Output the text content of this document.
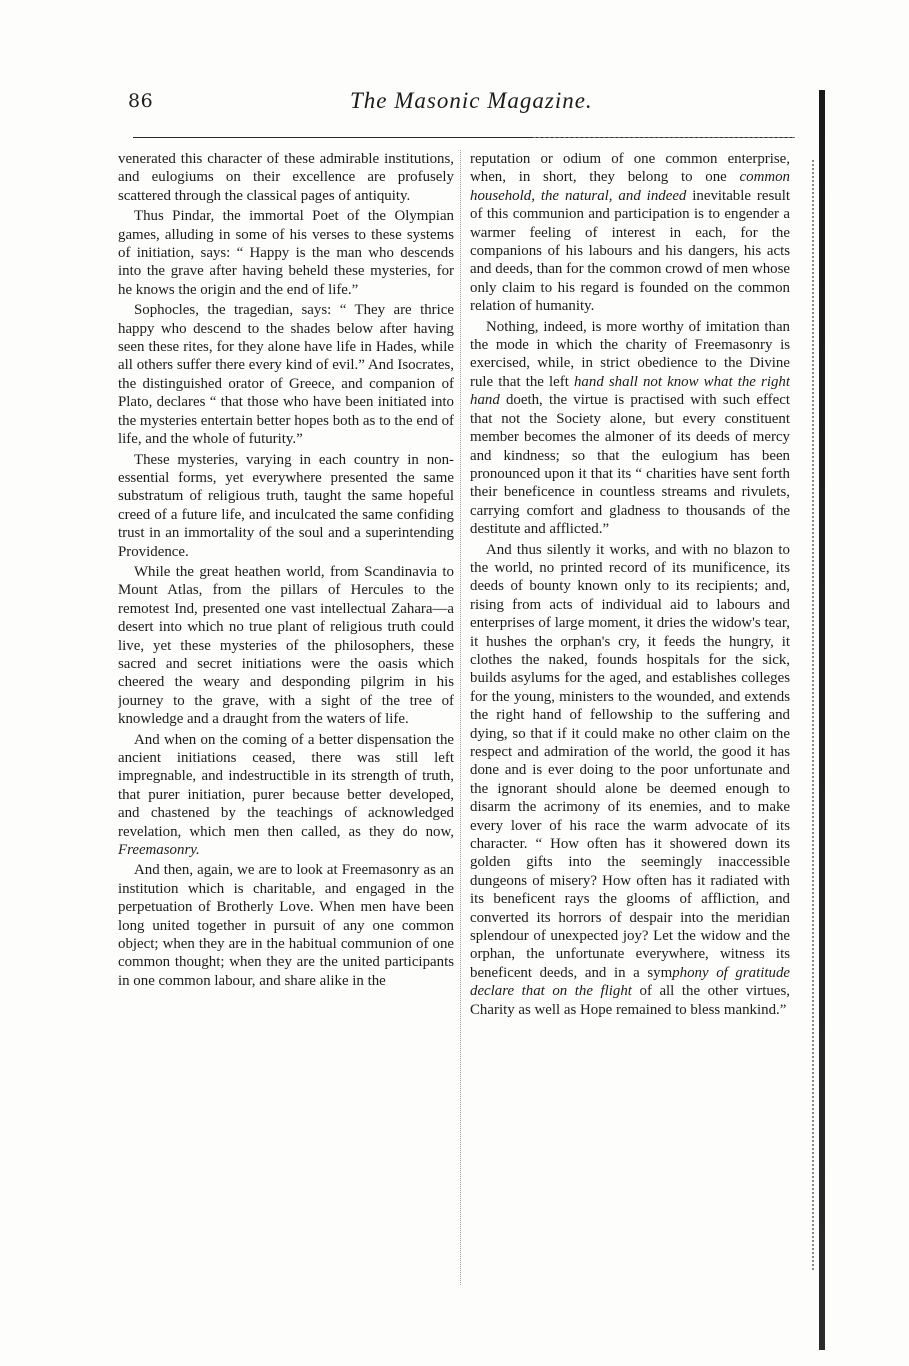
86	The Masonic Magazine.

venerated this character of these admirable institutions, and eulogiums on their excellence are profusely scattered through the classical pages of antiquity.

Thus Pindar, the immortal Poet of the Olympian games, alluding in some of his verses to these systems of initiation, says: “ Happy is the man who descends into the grave after having beheld these mysteries, for he knows the origin and the end of life.”

Sophocles, the tragedian, says: “ They are thrice happy who descend to the shades below after having seen these rites, for they alone have life in Hades, while all others suffer there every kind of evil.” And Isocrates, the distinguished orator of Greece, and companion of Plato, declares “ that those who have been initiated into the mysteries entertain better hopes both as to the end of life, and the whole of futurity.”

These mysteries, varying in each country in non-essential forms, yet everywhere presented the same substratum of religious truth, taught the same hopeful creed of a future life, and inculcated the same confiding trust in an immortality of the soul and a superintending Providence.

While the great heathen world, from Scandinavia to Mount Atlas, from the pillars of Hercules to the remotest Ind, presented one vast intellectual Zahara—a desert into which no true plant of religious truth could live, yet these mysteries of the philosophers, these sacred and secret initiations were the oasis which cheered the weary and desponding pilgrim in his journey to the grave, with a sight of the tree of knowledge and a draught from the waters of life.

And when on the coming of a better dispensation the ancient initiations ceased, there was still left impregnable, and indestructible in its strength of truth, that purer initiation, purer because better developed, and chastened by the teachings of acknowledged revelation, which men then called, as they do now, Freemasonry.

And then, again, we are to look at Freemasonry as an institution which is charitable, and engaged in the perpetuation of Brotherly Love. When men have been long united together in pursuit of any one common object; when they are in the habitual communion of one common thought; when they are the united participants in one common labour, and share alike in the

reputation or odium of one common enterprise, when, in short, they belong to one common household, the natural, and indeed inevitable result of this communion and participation is to engender a warmer feeling of interest in each, for the companions of his labours and his dangers, his acts and deeds, than for the common crowd of men whose only claim to his regard is founded on the common relation of humanity.

Nothing, indeed, is more worthy of imitation than the mode in which the charity of Freemasonry is exercised, while, in strict obedience to the Divine rule that the left hand shall not know what the right hand doeth, the virtue is practised with such effect that not the Society alone, but every constituent member becomes the almoner of its deeds of mercy and kindness; so that the eulogium has been pronounced upon it that its “ charities have sent forth their beneficence in countless streams and rivulets, carrying comfort and gladness to thousands of the destitute and afflicted.”

And thus silently it works, and with no blazon to the world, no printed record of its munificence, its deeds of bounty known only to its recipients; and, rising from acts of individual aid to labours and enterprises of large moment, it dries the widow's tear, it hushes the orphan's cry, it feeds the hungry, it clothes the naked, founds hospitals for the sick, builds asylums for the aged, and establishes colleges for the young, ministers to the wounded, and extends the right hand of fellowship to the suffering and dying, so that if it could make no other claim on the respect and admiration of the world, the good it has done and is ever doing to the poor unfortunate and the ignorant should alone be deemed enough to disarm the acrimony of its enemies, and to make every lover of his race the warm advocate of its character. “ How often has it showered down its golden gifts into the seemingly inaccessible dungeons of misery? How often has it radiated with its beneficent rays the glooms of affliction, and converted its horrors of despair into the meridian splendour of unexpected joy? Let the widow and the orphan, the unfortunate everywhere, witness its beneficent deeds, and in a symphony of gratitude declare that on the flight of all the other virtues, Charity as well as Hope remained to bless mankind.”
